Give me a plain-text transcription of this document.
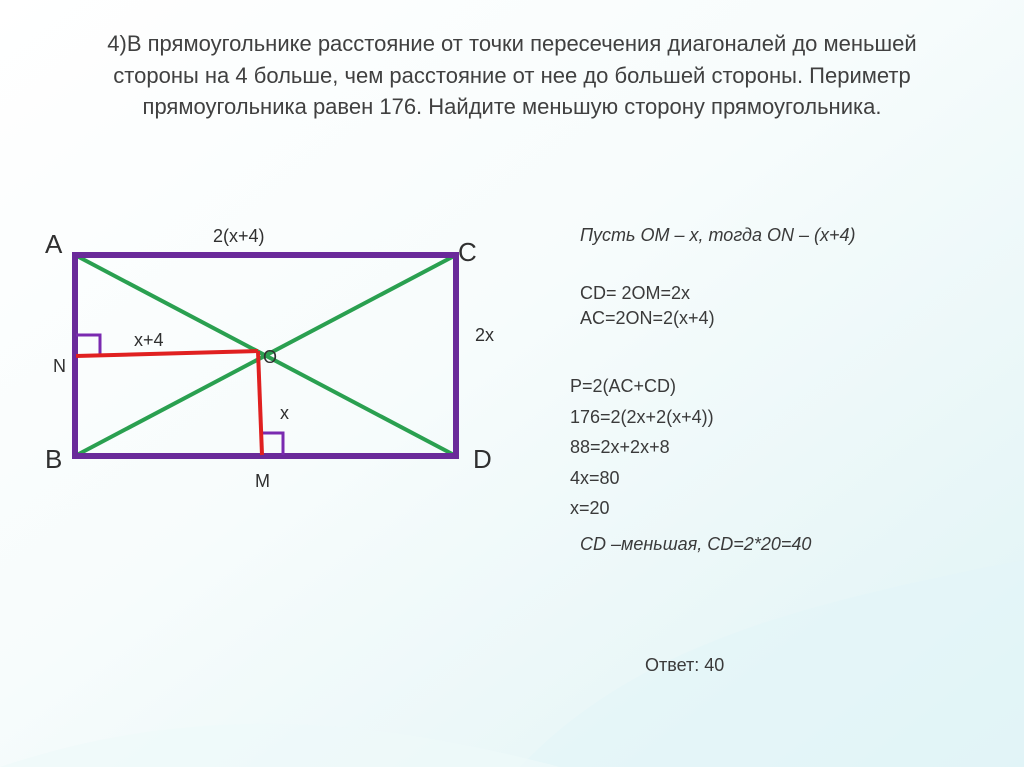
4)В прямоугольнике расстояние от точки пересечения диагоналей до меньшей стороны на 4 больше, чем расстояние от нее до большей стороны. Периметр прямоугольника равен 176. Найдите меньшую сторону прямоугольника.
A	C
B	D
O
N
M
2(x+4)
2x
x+4
x
Пусть OM – x, тогда ON – (x+4)
CD= 2OM=2x
AC=2ON=2(x+4)
P=2(AC+CD)
176=2(2x+2(x+4))
88=2x+2x+8
4x=80
x=20
CD –меньшая, CD=2*20=40
Ответ: 40
